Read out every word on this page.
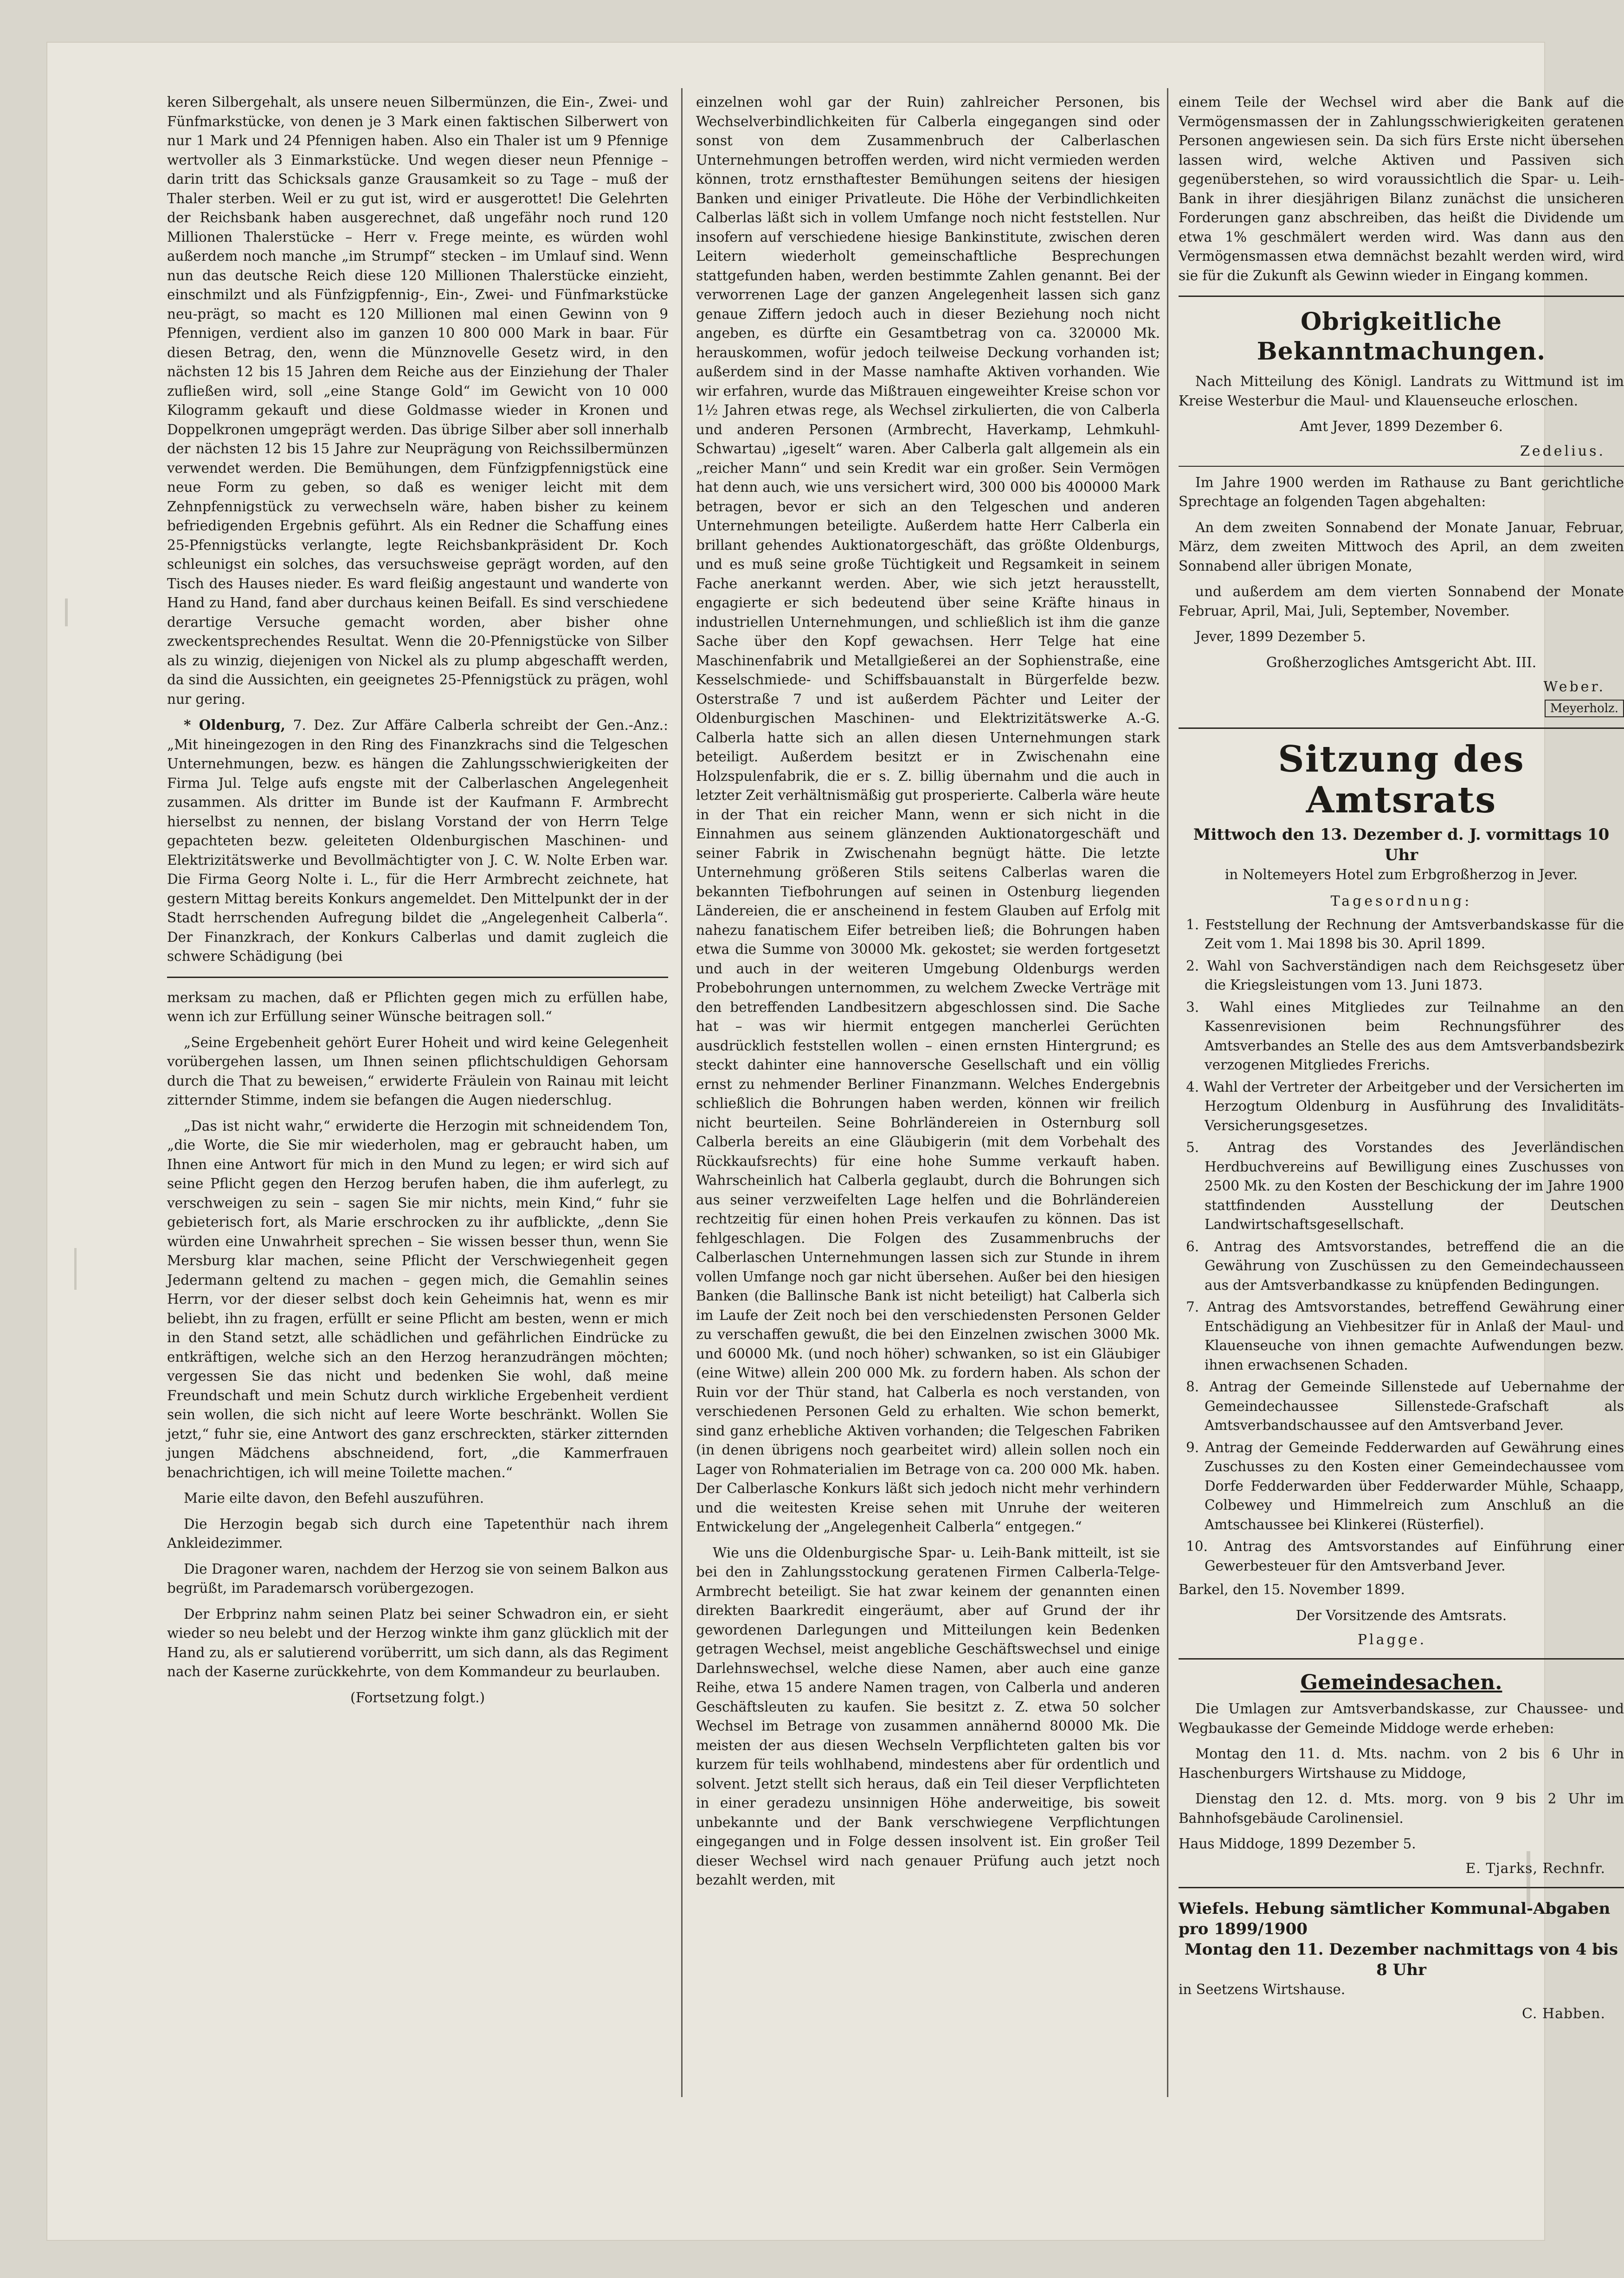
keren Silbergehalt, als unsere neuen Silbermünzen, die Ein-, Zwei- und Fünfmarkstücke, von denen je 3 Mark einen faktischen Silberwert von nur 1 Mark und 24 Pfennigen haben. Also ein Thaler ist um 9 Pfennige wertvoller als 3 Einmarkstücke. Und wegen dieser neun Pfennige – darin tritt das Schicksals ganze Grausamkeit so zu Tage – muß der Thaler sterben. Weil er zu gut ist, wird er ausgerottet! Die Gelehrten der Reichsbank haben ausgerechnet, daß ungefähr noch rund 120 Millionen Thalerstücke – Herr v. Frege meinte, es würden wohl außerdem noch manche „im Strumpf“ stecken – im Umlauf sind. Wenn nun das deutsche Reich diese 120 Millionen Thalerstücke einzieht, einschmilzt und als Fünfzigpfennig-, Ein-, Zwei- und Fünfmarkstücke neu-prägt, so macht es 120 Millionen mal einen Gewinn von 9 Pfennigen, verdient also im ganzen 10 800 000 Mark in baar. Für diesen Betrag, den, wenn die Münznovelle Gesetz wird, in den nächsten 12 bis 15 Jahren dem Reiche aus der Einziehung der Thaler zufließen wird, soll „eine Stange Gold“ im Gewicht von 10 000 Kilogramm gekauft und diese Goldmasse wieder in Kronen und Doppelkronen umgeprägt werden. Das übrige Silber aber soll innerhalb der nächsten 12 bis 15 Jahre zur Neuprägung von Reichssilbermünzen verwendet werden. Die Bemühungen, dem Fünfzigpfennigstück eine neue Form zu geben, so daß es weniger leicht mit dem Zehnpfennigstück zu verwechseln wäre, haben bisher zu keinem befriedigenden Ergebnis geführt. Als ein Redner die Schaffung eines 25-Pfennigstücks verlangte, legte Reichsbankpräsident Dr. Koch schleunigst ein solches, das versuchsweise geprägt worden, auf den Tisch des Hauses nieder. Es ward fleißig angestaunt und wanderte von Hand zu Hand, fand aber durchaus keinen Beifall. Es sind verschiedene derartige Versuche gemacht worden, aber bisher ohne zweckentsprechendes Resultat. Wenn die 20-Pfennigstücke von Silber als zu winzig, diejenigen von Nickel als zu plump abgeschafft werden, da sind die Aussichten, ein geeignetes 25-Pfennigstück zu prägen, wohl nur gering.

* Oldenburg, 7. Dez. Zur Affäre Calberla schreibt der Gen.-Anz.: „Mit hineingezogen in den Ring des Finanzkrachs sind die Telgeschen Unternehmungen, bezw. es hängen die Zahlungsschwierigkeiten der Firma Jul. Telge aufs engste mit der Calberlaschen Angelegenheit zusammen. Als dritter im Bunde ist der Kaufmann F. Armbrecht hierselbst zu nennen, der bislang Vorstand der von Herrn Telge gepachteten bezw. geleiteten Oldenburgischen Maschinen- und Elektrizitätswerke und Bevollmächtigter von J. C. W. Nolte Erben war. Die Firma Georg Nolte i. L., für die Herr Armbrecht zeichnete, hat gestern Mittag bereits Konkurs angemeldet. Den Mittelpunkt der in der Stadt herrschenden Aufregung bildet die „Angelegenheit Calberla“. Der Finanzkrach, der Konkurs Calberlas und damit zugleich die schwere Schädigung (bei

merksam zu machen, daß er Pflichten gegen mich zu erfüllen habe, wenn ich zur Erfüllung seiner Wünsche beitragen soll.“

„Seine Ergebenheit gehört Eurer Hoheit und wird keine Gelegenheit vorübergehen lassen, um Ihnen seinen pflichtschuldigen Gehorsam durch die That zu beweisen,“ erwiderte Fräulein von Rainau mit leicht zitternder Stimme, indem sie befangen die Augen niederschlug.

„Das ist nicht wahr,“ erwiderte die Herzogin mit schneidendem Ton, „die Worte, die Sie mir wiederholen, mag er gebraucht haben, um Ihnen eine Antwort für mich in den Mund zu legen; er wird sich auf seine Pflicht gegen den Herzog berufen haben, die ihm auferlegt, zu verschweigen zu sein – sagen Sie mir nichts, mein Kind,“ fuhr sie gebieterisch fort, als Marie erschrocken zu ihr aufblickte, „denn Sie würden eine Unwahrheit sprechen – Sie wissen besser thun, wenn Sie Mersburg klar machen, seine Pflicht der Verschwiegenheit gegen Jedermann geltend zu machen – gegen mich, die Gemahlin seines Herrn, vor der dieser selbst doch kein Geheimnis hat, wenn es mir beliebt, ihn zu fragen, erfüllt er seine Pflicht am besten, wenn er mich in den Stand setzt, alle schädlichen und gefährlichen Eindrücke zu entkräftigen, welche sich an den Herzog heranzudrängen möchten; vergessen Sie das nicht und bedenken Sie wohl, daß meine Freundschaft und mein Schutz durch wirkliche Ergebenheit verdient sein wollen, die sich nicht auf leere Worte beschränkt. Wollen Sie jetzt,“ fuhr sie, eine Antwort des ganz erschreckten, stärker zitternden jungen Mädchens abschneidend, fort, „die Kammerfrauen benachrichtigen, ich will meine Toilette machen.“

Marie eilte davon, den Befehl auszuführen.

Die Herzogin begab sich durch eine Tapetenthür nach ihrem Ankleidezimmer.

Die Dragoner waren, nachdem der Herzog sie von seinem Balkon aus begrüßt, im Parademarsch vorübergezogen.

Der Erbprinz nahm seinen Platz bei seiner Schwadron ein, er sieht wieder so neu belebt und der Herzog winkte ihm ganz glücklich mit der Hand zu, als er salutierend vorüberritt, um sich dann, als das Regiment nach der Kaserne zurückkehrte, von dem Kommandeur zu beurlauben.

(Fortsetzung folgt.)

einzelnen wohl gar der Ruin) zahlreicher Personen, bis Wechselverbindlichkeiten für Calberla eingegangen sind oder sonst von dem Zusammenbruch der Calberlaschen Unternehmungen betroffen werden, wird nicht vermieden werden können, trotz ernsthaftester Bemühungen seitens der hiesigen Banken und einiger Privatleute. Die Höhe der Verbindlichkeiten Calberlas läßt sich in vollem Umfange noch nicht feststellen. Nur insofern auf verschiedene hiesige Bankinstitute, zwischen deren Leitern wiederholt gemeinschaftliche Besprechungen stattgefunden haben, werden bestimmte Zahlen genannt. Bei der verworrenen Lage der ganzen Angelegenheit lassen sich ganz genaue Ziffern jedoch auch in dieser Beziehung noch nicht angeben, es dürfte ein Gesamtbetrag von ca. 320000 Mk. herauskommen, wofür jedoch teilweise Deckung vorhanden ist; außerdem sind in der Masse namhafte Aktiven vorhanden. Wie wir erfahren, wurde das Mißtrauen eingeweihter Kreise schon vor 1½ Jahren etwas rege, als Wechsel zirkulierten, die von Calberla und anderen Personen (Armbrecht, Haverkamp, Lehmkuhl-Schwartau) „igeselt“ waren. Aber Calberla galt allgemein als ein „reicher Mann“ und sein Kredit war ein großer. Sein Vermögen hat denn auch, wie uns versichert wird, 300 000 bis 400000 Mark betragen, bevor er sich an den Telgeschen und anderen Unternehmungen beteiligte. Außerdem hatte Herr Calberla ein brillant gehendes Auktionatorgeschäft, das größte Oldenburgs, und es muß seine große Tüchtigkeit und Regsamkeit in seinem Fache anerkannt werden. Aber, wie sich jetzt herausstellt, engagierte er sich bedeutend über seine Kräfte hinaus in industriellen Unternehmungen, und schließlich ist ihm die ganze Sache über den Kopf gewachsen. Herr Telge hat eine Maschinenfabrik und Metallgießerei an der Sophienstraße, eine Kesselschmiede- und Schiffsbauanstalt in Bürgerfelde bezw. Osterstraße 7 und ist außerdem Pächter und Leiter der Oldenburgischen Maschinen- und Elektrizitätswerke A.-G. Calberla hatte sich an allen diesen Unternehmungen stark beteiligt. Außerdem besitzt er in Zwischenahn eine Holzspulenfabrik, die er s. Z. billig übernahm und die auch in letzter Zeit verhältnismäßig gut prosperierte. Calberla wäre heute in der That ein reicher Mann, wenn er sich nicht in die Einnahmen aus seinem glänzenden Auktionatorgeschäft und seiner Fabrik in Zwischenahn begnügt hätte. Die letzte Unternehmung größeren Stils seitens Calberlas waren die bekannten Tiefbohrungen auf seinen in Ostenburg liegenden Ländereien, die er anscheinend in festem Glauben auf Erfolg mit nahezu fanatischem Eifer betreiben ließ; die Bohrungen haben etwa die Summe von 30000 Mk. gekostet; sie werden fortgesetzt und auch in der weiteren Umgebung Oldenburgs werden Probebohrungen unternommen, zu welchem Zwecke Verträge mit den betreffenden Landbesitzern abgeschlossen sind. Die Sache hat – was wir hiermit entgegen mancherlei Gerüchten ausdrücklich feststellen wollen – einen ernsten Hintergrund; es steckt dahinter eine hannoversche Gesellschaft und ein völlig ernst zu nehmender Berliner Finanzmann. Welches Endergebnis schließlich die Bohrungen haben werden, können wir freilich nicht beurteilen. Seine Bohrländereien in Osternburg soll Calberla bereits an eine Gläubigerin (mit dem Vorbehalt des Rückkaufsrechts) für eine hohe Summe verkauft haben. Wahrscheinlich hat Calberla geglaubt, durch die Bohrungen sich aus seiner verzweifelten Lage helfen und die Bohrländereien rechtzeitig für einen hohen Preis verkaufen zu können. Das ist fehlgeschlagen. Die Folgen des Zusammenbruchs der Calberlaschen Unternehmungen lassen sich zur Stunde in ihrem vollen Umfange noch gar nicht übersehen. Außer bei den hiesigen Banken (die Ballinsche Bank ist nicht beteiligt) hat Calberla sich im Laufe der Zeit noch bei den verschiedensten Personen Gelder zu verschaffen gewußt, die bei den Einzelnen zwischen 3000 Mk. und 60000 Mk. (und noch höher) schwanken, so ist ein Gläubiger (eine Witwe) allein 200 000 Mk. zu fordern haben. Als schon der Ruin vor der Thür stand, hat Calberla es noch verstanden, von verschiedenen Personen Geld zu erhalten. Wie schon bemerkt, sind ganz erhebliche Aktiven vorhanden; die Telgeschen Fabriken (in denen übrigens noch gearbeitet wird) allein sollen noch ein Lager von Rohmaterialien im Betrage von ca. 200 000 Mk. haben. Der Calberlasche Konkurs läßt sich jedoch nicht mehr verhindern und die weitesten Kreise sehen mit Unruhe der weiteren Entwickelung der „Angelegenheit Calberla“ entgegen.“

Wie uns die Oldenburgische Spar- u. Leih-Bank mitteilt, ist sie bei den in Zahlungsstockung geratenen Firmen Calberla-Telge-Armbrecht beteiligt. Sie hat zwar keinem der genannten einen direkten Baarkredit eingeräumt, aber auf Grund der ihr gewordenen Darlegungen und Mitteilungen kein Bedenken getragen Wechsel, meist angebliche Geschäftswechsel und einige Darlehnswechsel, welche diese Namen, aber auch eine ganze Reihe, etwa 15 andere Namen tragen, von Calberla und anderen Geschäftsleuten zu kaufen. Sie besitzt z. Z. etwa 50 solcher Wechsel im Betrage von zusammen annähernd 80000 Mk. Die meisten der aus diesen Wechseln Verpflichteten galten bis vor kurzem für teils wohlhabend, mindestens aber für ordentlich und solvent. Jetzt stellt sich heraus, daß ein Teil dieser Verpflichteten in einer geradezu unsinnigen Höhe anderweitige, bis soweit unbekannte und der Bank verschwiegene Verpflichtungen eingegangen und in Folge dessen insolvent ist. Ein großer Teil dieser Wechsel wird nach genauer Prüfung auch jetzt noch bezahlt werden, mit

einem Teile der Wechsel wird aber die Bank auf die Vermögensmassen der in Zahlungsschwierigkeiten geratenen Personen angewiesen sein. Da sich fürs Erste nicht übersehen lassen wird, welche Aktiven und Passiven sich gegenüberstehen, so wird voraussichtlich die Spar- u. Leih-Bank in ihrer diesjährigen Bilanz zunächst die unsicheren Forderungen ganz abschreiben, das heißt die Dividende um etwa 1% geschmälert werden wird. Was dann aus den Vermögensmassen etwa demnächst bezahlt werden wird, wird sie für die Zukunft als Gewinn wieder in Eingang kommen.

Obrigkeitliche Bekanntmachungen.

Nach Mitteilung des Königl. Landrats zu Wittmund ist im Kreise Westerbur die Maul- und Klauenseuche erloschen.

Amt Jever, 1899 Dezember 6.

Zedelius.

Im Jahre 1900 werden im Rathause zu Bant gerichtliche Sprechtage an folgenden Tagen abgehalten:

An dem zweiten Sonnabend der Monate Januar, Februar, März, dem zweiten Mittwoch des April, an dem zweiten Sonnabend aller übrigen Monate,

und außerdem am dem vierten Sonnabend der Monate Februar, April, Mai, Juli, September, November.

Jever, 1899 Dezember 5.

Großherzogliches Amtsgericht Abt. III.

Weber.
Meyerholz.
Sitzung des Amtsrats
Mittwoch den 13. Dezember d. J. vormittags 10 Uhr

in Noltemeyers Hotel zum Erbgroßherzog in Jever.

Tagesordnung:
1. Feststellung der Rechnung der Amtsverbandskasse für die Zeit vom 1. Mai 1898 bis 30. April 1899.
2. Wahl von Sachverständigen nach dem Reichsgesetz über die Kriegsleistungen vom 13. Juni 1873.
3. Wahl eines Mitgliedes zur Teilnahme an den Kassenrevisionen beim Rechnungsführer des Amtsverbandes an Stelle des aus dem Amtsverbandsbezirk verzogenen Mitgliedes Frerichs.
4. Wahl der Vertreter der Arbeitgeber und der Versicherten im Herzogtum Oldenburg in Ausführung des Invaliditäts-Versicherungsgesetzes.
5. Antrag des Vorstandes des Jeverländischen Herdbuchvereins auf Bewilligung eines Zuschusses von 2500 Mk. zu den Kosten der Beschickung der im Jahre 1900 stattfindenden Ausstellung der Deutschen Landwirtschaftsgesellschaft.
6. Antrag des Amtsvorstandes, betreffend die an die Gewährung von Zuschüssen zu den Gemeindechausseen aus der Amtsverbandkasse zu knüpfenden Bedingungen.
7. Antrag des Amtsvorstandes, betreffend Gewährung einer Entschädigung an Viehbesitzer für in Anlaß der Maul- und Klauenseuche von ihnen gemachte Aufwendungen bezw. ihnen erwachsenen Schaden.
8. Antrag der Gemeinde Sillenstede auf Uebernahme der Gemeindechaussee Sillenstede-Grafschaft als Amtsverbandschaussee auf den Amtsverband Jever.
9. Antrag der Gemeinde Fedderwarden auf Gewährung eines Zuschusses zu den Kosten einer Gemeindechaussee vom Dorfe Fedderwarden über Fedderwarder Mühle, Schaapp, Colbewey und Himmelreich zum Anschluß an die Amtschaussee bei Klinkerei (Rüsterfiel).
10. Antrag des Amtsvorstandes auf Einführung einer Gewerbesteuer für den Amtsverband Jever.

Barkel, den 15. November 1899.

Der Vorsitzende des Amtsrats.

Plagge.
Gemeindesachen.

Die Umlagen zur Amtsverbandskasse, zur Chaussee- und Wegbaukasse der Gemeinde Middoge werde erheben:

Montag den 11. d. Mts. nachm. von 2 bis 6 Uhr in Haschenburgers Wirtshause zu Middoge,

Dienstag den 12. d. Mts. morg. von 9 bis 2 Uhr im Bahnhofsgebäude Carolinensiel.

Haus Middoge, 1899 Dezember 5.

E. Tjarks, Rechnfr.
Wiefels. Hebung sämtlicher Kommunal-Abgaben pro 1899/1900
Montag den 11. Dezember nachmittags von 4 bis 8 Uhr

in Seetzens Wirtshause.

C. Habben.
